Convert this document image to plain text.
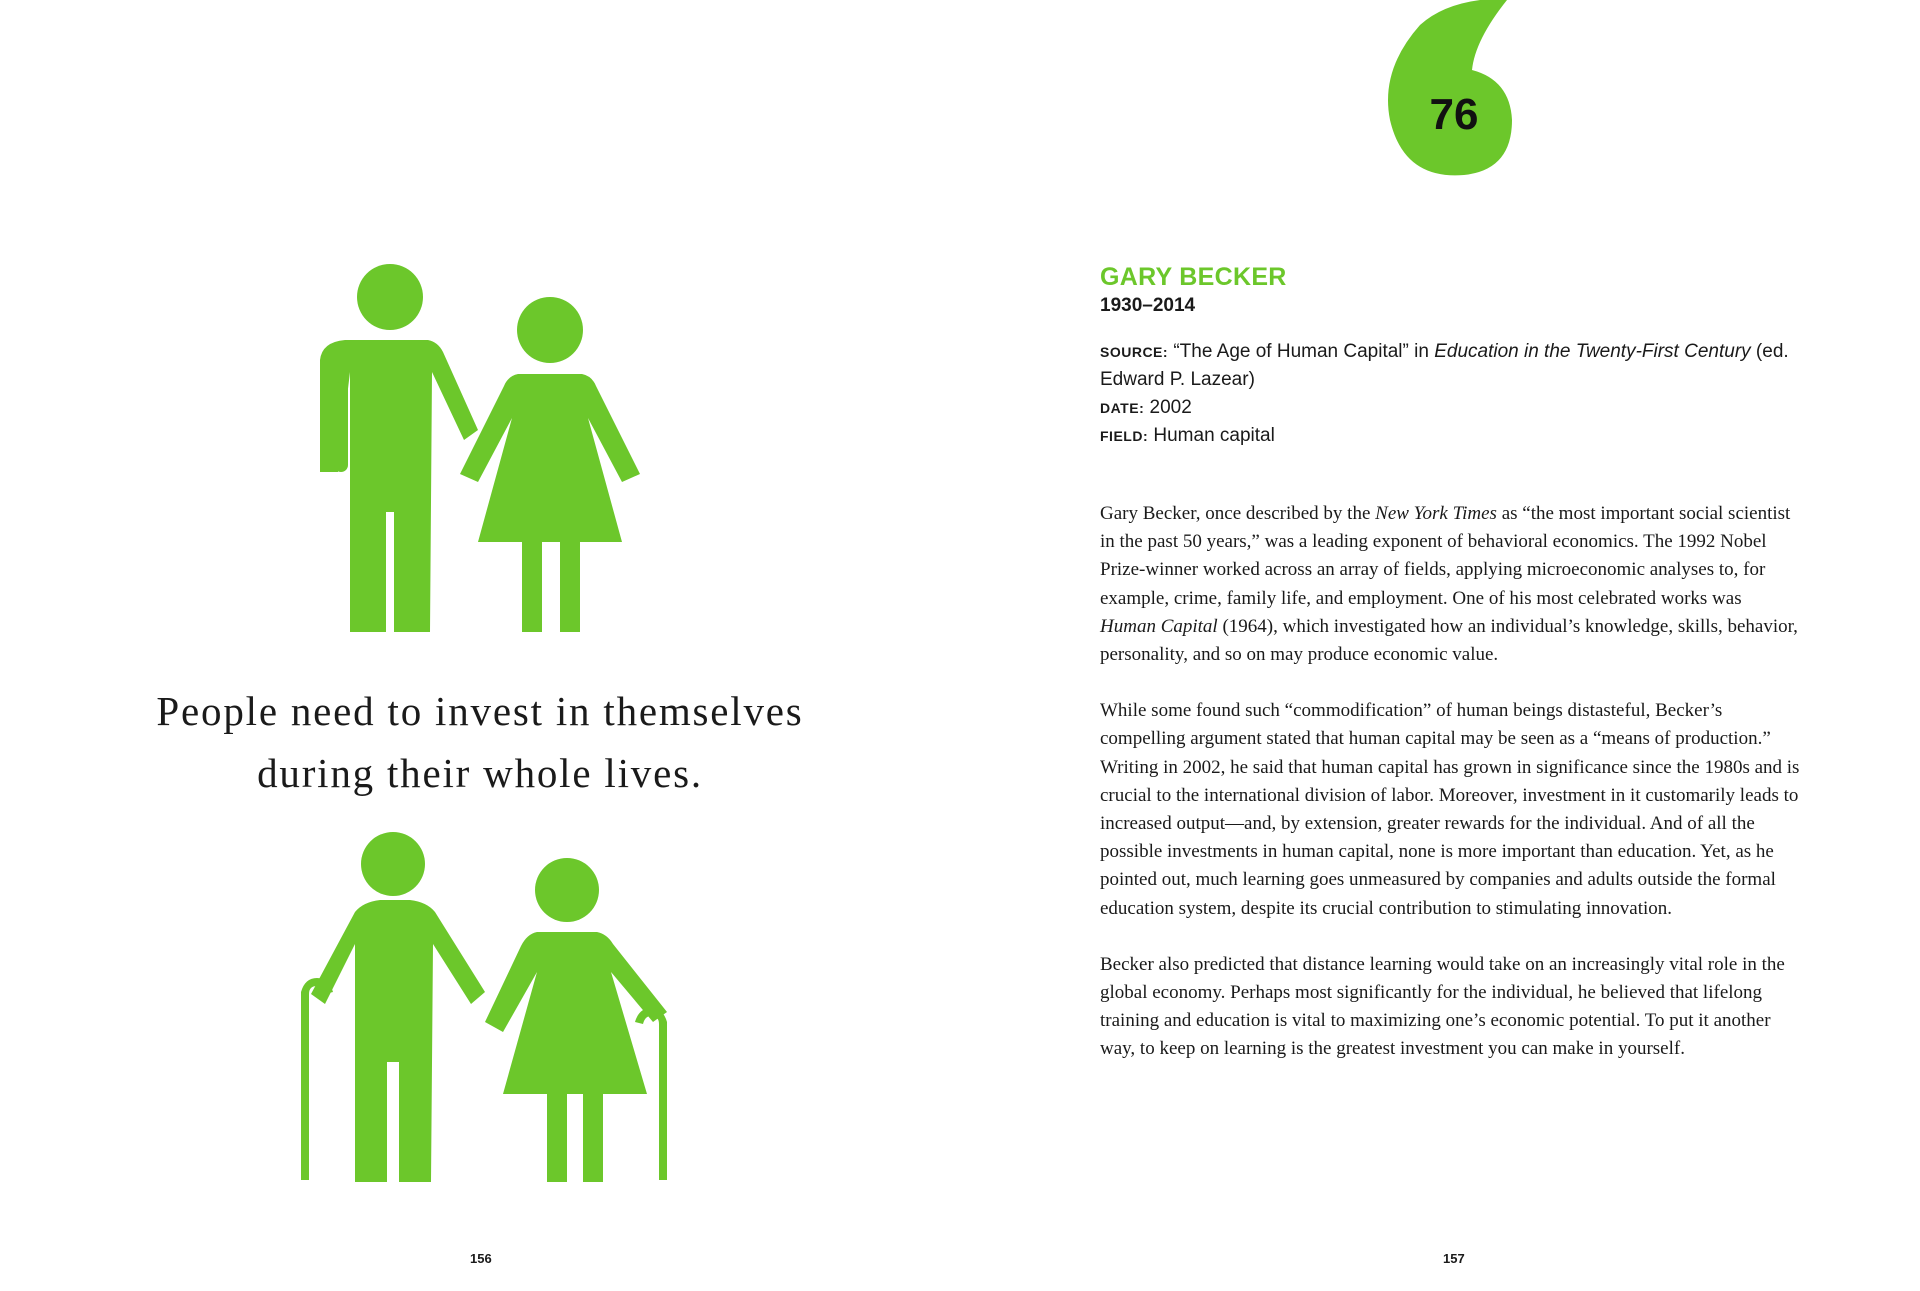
People need to invest in themselves
during their whole lives.
156
76
GARY BECKER
1930–2014
SOURCE: “The Age of Human Capital” in Education in the Twenty-First Century (ed. Edward P. Lazear)
DATE: 2002
FIELD: Human capital

Gary Becker, once described by the New York Times as “the most important social scientist in the past 50 years,” was a leading exponent of behavioral economics. The 1992 Nobel Prize-winner worked across an array of fields, applying microeconomic analyses to, for example, crime, family life, and employment. One of his most celebrated works was Human Capital (1964), which investigated how an individual’s knowledge, skills, behavior, personality, and so on may produce economic value.

While some found such “commodification” of human beings distasteful, Becker’s compelling argument stated that human capital may be seen as a “means of production.” Writing in 2002, he said that human capital has grown in significance since the 1980s and is crucial to the international division of labor. Moreover, investment in it customarily leads to increased output—and, by extension, greater rewards for the individual. And of all the possible investments in human capital, none is more important than education. Yet, as he pointed out, much learning goes unmeasured by companies and adults outside the formal education system, despite its crucial contribution to stimulating innovation.

Becker also predicted that distance learning would take on an increasingly vital role in the global economy. Perhaps most significantly for the individual, he believed that lifelong training and education is vital to maximizing one’s economic potential. To put it another way, to keep on learning is the greatest investment you can make in yourself.

157
